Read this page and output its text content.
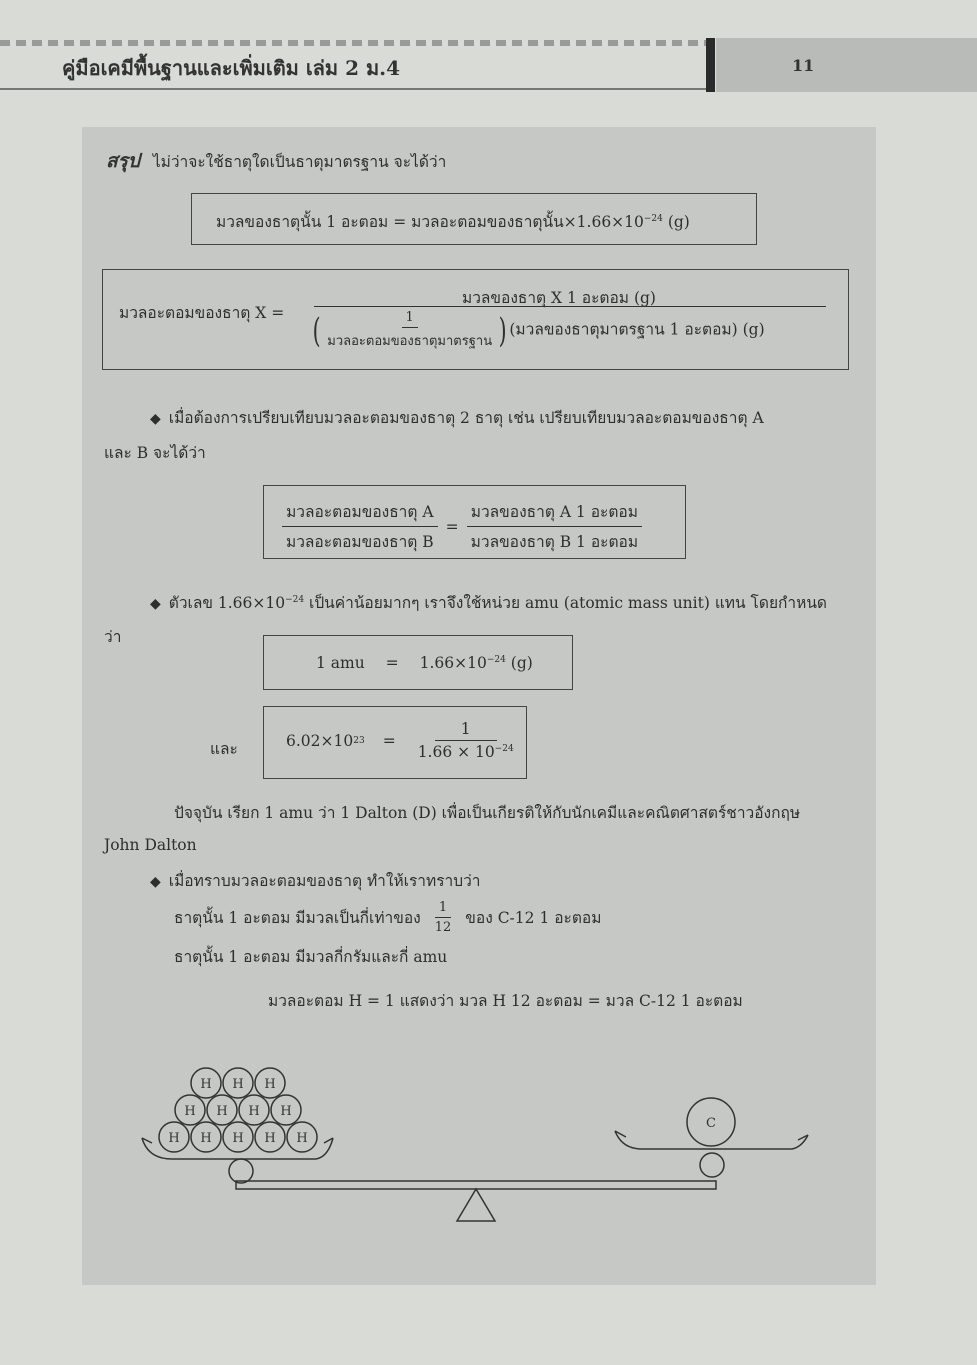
คู่มือเคมีพื้นฐานและเพิ่มเติม เล่ม 2 ม.4	11
สรุป ไม่ว่าจะใช้ธาตุใดเป็นธาตุมาตรฐาน จะได้ว่า
มวลของธาตุนั้น 1 อะตอม = มวลอะตอมของธาตุนั้น$\times 1.66\times 10^{-24}$ (g)
มวลอะตอมของธาตุ X =
มวลของธาตุ X 1 อะตอม (g)
( $\frac{1}{\text{มวลอะตอมของธาตุมาตรฐาน}}$ ) (มวลของธาตุมาตรฐาน 1 อะตอม) (g)
◆ เมื่อต้องการเปรียบเทียบมวลอะตอมของธาตุ 2 ธาตุ เช่น เปรียบเทียบมวลอะตอมของธาตุ A
และ B จะได้ว่า
$\frac{\text{มวลอะตอมของธาตุ A}}{\text{มวลอะตอมของธาตุ B}} = \frac{\text{มวลของธาตุ A 1 อะตอม}}{\text{มวลของธาตุ B 1 อะตอม}}$
◆ ตัวเลข $1.66\times 10^{-24}$ เป็นค่าน้อยมากๆ เราจึงใช้หน่วย amu (atomic mass unit) แทน โดยกำหนด
ว่า
1 amu = $1.66\times 10^{-24}$ (g)
และ	6.02×10 $23 = \frac{1}{1.66 \times 10^{-24}}$
ปัจจุบัน เรียก 1 amu ว่า 1 Dalton (D) เพื่อเป็นเกียรติให้กับนักเคมีและคณิตศาสตร์ชาวอังกฤษ
John Dalton
◆ เมื่อทราบมวลอะตอมของธาตุ ทำให้เราทราบว่า
ธาตุนั้น 1 อะตอม มีมวลเป็นกี่เท่าของ $\frac{1}{12}$ ของ C-12 1 อะตอม
ธาตุนั้น 1 อะตอม มีมวลกี่กรัมและกี่ amu
มวลอะตอม H = 1 แสดงว่า มวล H 12 อะตอม = มวล C-12 1 อะตอม
C
H H H
H H H H
H H H H H
